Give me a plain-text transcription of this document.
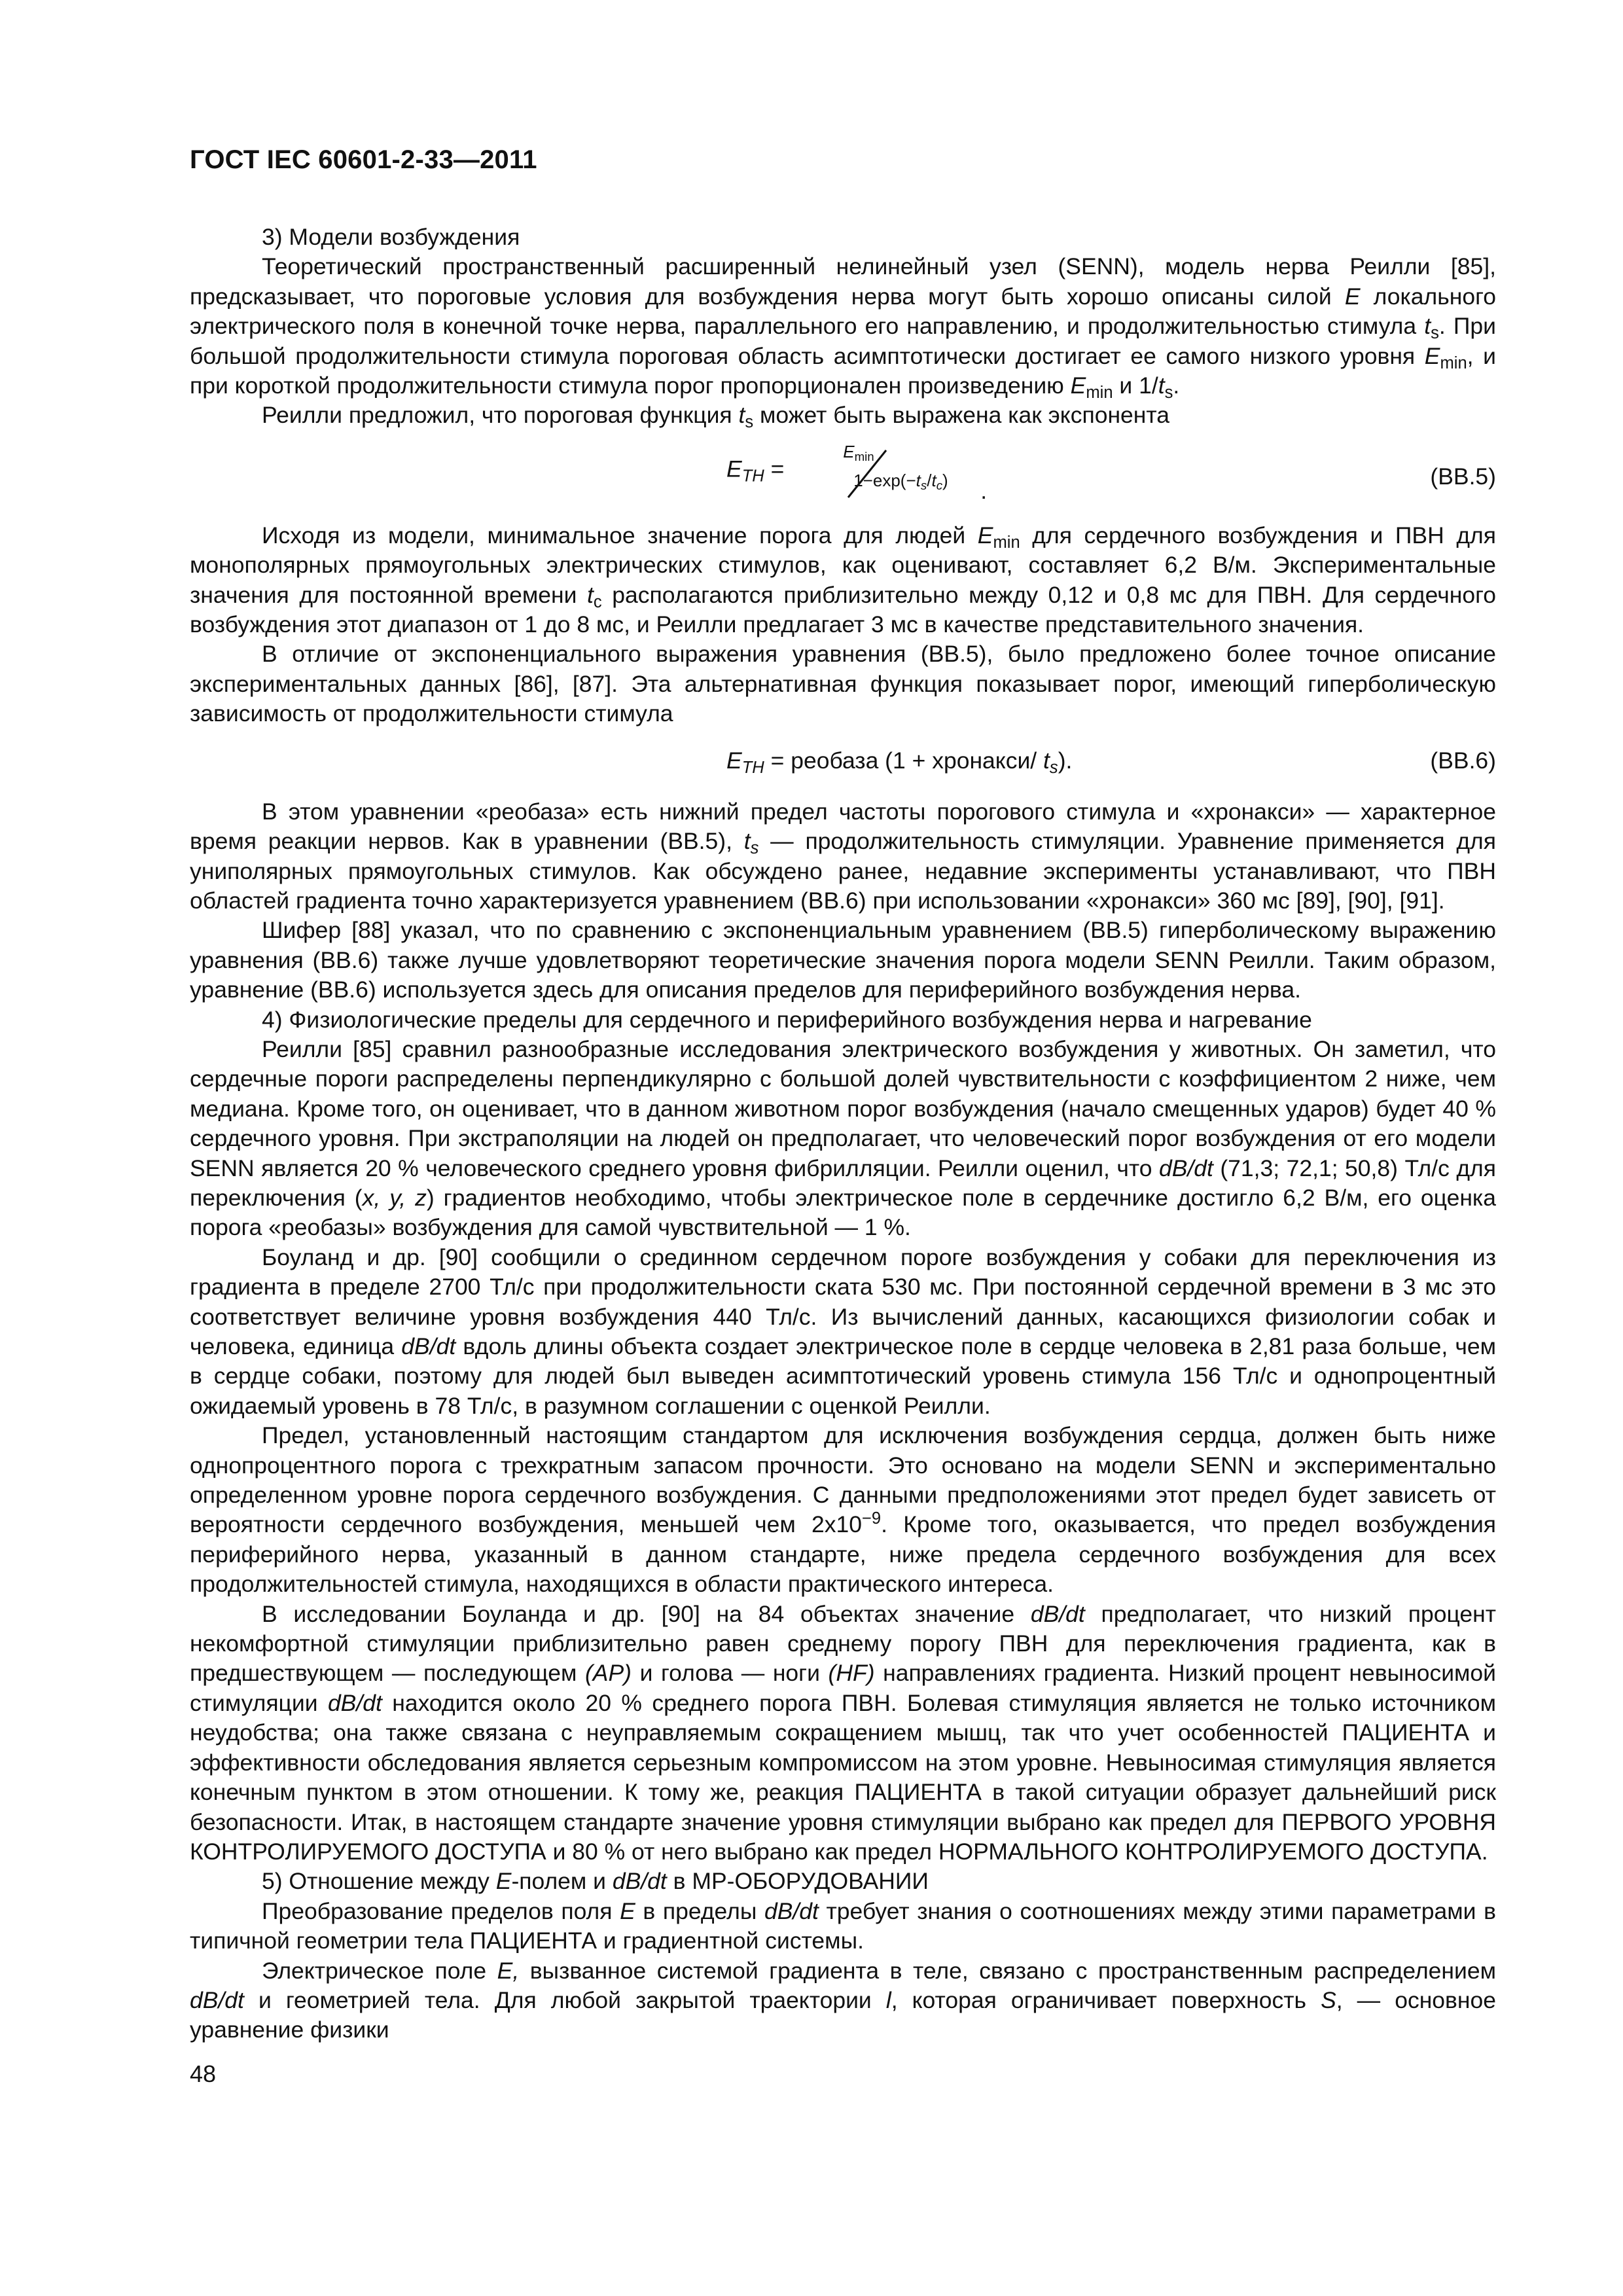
ГОСТ IEC 60601-2-33—2011

3) Модели возбуждения

Теоретический пространственный расширенный нелинейный узел (SENN), модель нерва Реилли [85], предсказывает, что пороговые условия для возбуждения нерва могут быть хорошо описаны силой E локального электрического поля в конечной точке нерва, параллельного его направлению, и продолжительностью стимула $t_s$. При большой продолжительности стимула пороговая область асимптотически достигает ее самого низкого уровня $E_{min}$, и при короткой продолжительности стимула порог пропорционален произведению $E_{min}$ и $1/t_s$.

Реилли предложил, что пороговая функция $t_s$ может быть выражена как экспонента

$E_{TH}$ =
$E_{min}$
$1-\exp(-t_s/t_c)$ .
(BB.5)

Исходя из модели, минимальное значение порога для людей $E_{min}$ для сердечного возбуждения и ПВН для монополярных прямоугольных электрических стимулов, как оценивают, составляет 6,2 В/м. Экспериментальные значения для постоянной времени $t_c$ располагаются приблизительно между 0,12 и 0,8 мс для ПВН. Для сердечного возбуждения этот диапазон от 1 до 8 мс, и Реилли предлагает 3 мс в качестве представительного значения.

В отличие от экспоненциального выражения уравнения (BB.5), было предложено более точное описание экспериментальных данных [86], [87]. Эта альтернативная функция показывает порог, имеющий гиперболическую зависимость от продолжительности стимула

$E_{TH}$ = реобаза (1 + хронакси/ $t_s$).	(BB.6)

В этом уравнении «реобаза» есть нижний предел частоты порогового стимула и «хронакси» — характерное время реакции нервов. Как в уравнении (BB.5), $t_s$ — продолжительность стимуляции. Уравнение применяется для униполярных прямоугольных стимулов. Как обсуждено ранее, недавние эксперименты устанавливают, что ПВН областей градиента точно характеризуется уравнением (BB.6) при использовании «хронакси» 360 мс [89], [90], [91].

Шифер [88] указал, что по сравнению с экспоненциальным уравнением (BB.5) гиперболическому выражению уравнения (BB.6) также лучше удовлетворяют теоретические значения порога модели SENN Реилли. Таким образом, уравнение (BB.6) используется здесь для описания пределов для периферийного возбуждения нерва.

4) Физиологические пределы для сердечного и периферийного возбуждения нерва и нагревание

Реилли [85] сравнил разнообразные исследования электрического возбуждения у животных. Он заметил, что сердечные пороги распределены перпендикулярно с большой долей чувствительности с коэффициентом 2 ниже, чем медиана. Кроме того, он оценивает, что в данном животном порог возбуждения (начало смещенных ударов) будет 40 % сердечного уровня. При экстраполяции на людей он предполагает, что человеческий порог возбуждения от его модели SENN является 20 % человеческого среднего уровня фибрилляции. Реилли оценил, что dB/dt (71,3; 72,1; 50,8) Тл/с для переключения (x, y, z) градиентов необходимо, чтобы электрическое поле в сердечнике достигло 6,2 В/м, его оценка порога «реобазы» возбуждения для самой чувствительной — 1 %.

Боуланд и др. [90] сообщили о срединном сердечном пороге возбуждения у собаки для переключения из градиента в пределе 2700 Тл/с при продолжительности ската 530 мс. При постоянной сердечной времени в 3 мс это соответствует величине уровня возбуждения 440 Тл/с. Из вычислений данных, касающихся физиологии собак и человека, единица dB/dt вдоль длины объекта создает электрическое поле в сердце человека в 2,81 раза больше, чем в сердце собаки, поэтому для людей был выведен асимптотический уровень стимула 156 Тл/с и однопроцентный ожидаемый уровень в 78 Тл/с, в разумном соглашении с оценкой Реилли.

Предел, установленный настоящим стандартом для исключения возбуждения сердца, должен быть ниже однопроцентного порога с трехкратным запасом прочности. Это основано на модели SENN и экспериментально определенном уровне порога сердечного возбуждения. С данными предположениями этот предел будет зависеть от вероятности сердечного возбуждения, меньшей чем $2х10^{-9}$. Кроме того, оказывается, что предел возбуждения периферийного нерва, указанный в данном стандарте, ниже предела сердечного возбуждения для всех продолжительностей стимула, находящихся в области практического интереса.

В исследовании Боуланда и др. [90] на 84 объектах значение dB/dt предполагает, что низкий процент некомфортной стимуляции приблизительно равен среднему порогу ПВН для переключения градиента, как в предшествующем — последующем (AP) и голова — ноги (HF) направлениях градиента. Низкий процент невыносимой стимуляции dB/dt находится около 20 % среднего порога ПВН. Болевая стимуляция является не только источником неудобства; она также связана с неуправляемым сокращением мышц, так что учет особенностей ПАЦИЕНТА и эффективности обследования является серьезным компромиссом на этом уровне. Невыносимая стимуляция является конечным пунктом в этом отношении. К тому же, реакция ПАЦИЕНТА в такой ситуации образует дальнейший риск безопасности. Итак, в настоящем стандарте значение уровня стимуляции выбрано как предел для ПЕРВОГО УРОВНЯ КОНТРОЛИРУЕМОГО ДОСТУПА и 80 % от него выбрано как предел НОРМАЛЬНОГО КОНТРОЛИРУЕМОГО ДОСТУПА.

5) Отношение между E-полем и dB/dt в МР-ОБОРУДОВАНИИ

Преобразование пределов поля E в пределы dB/dt требует знания о соотношениях между этими параметрами в типичной геометрии тела ПАЦИЕНТА и градиентной системы.

Электрическое поле E, вызванное системой градиента в теле, связано с пространственным распределением dB/dt и геометрией тела. Для любой закрытой траектории l, которая ограничивает поверхность S, — основное уравнение физики

48
